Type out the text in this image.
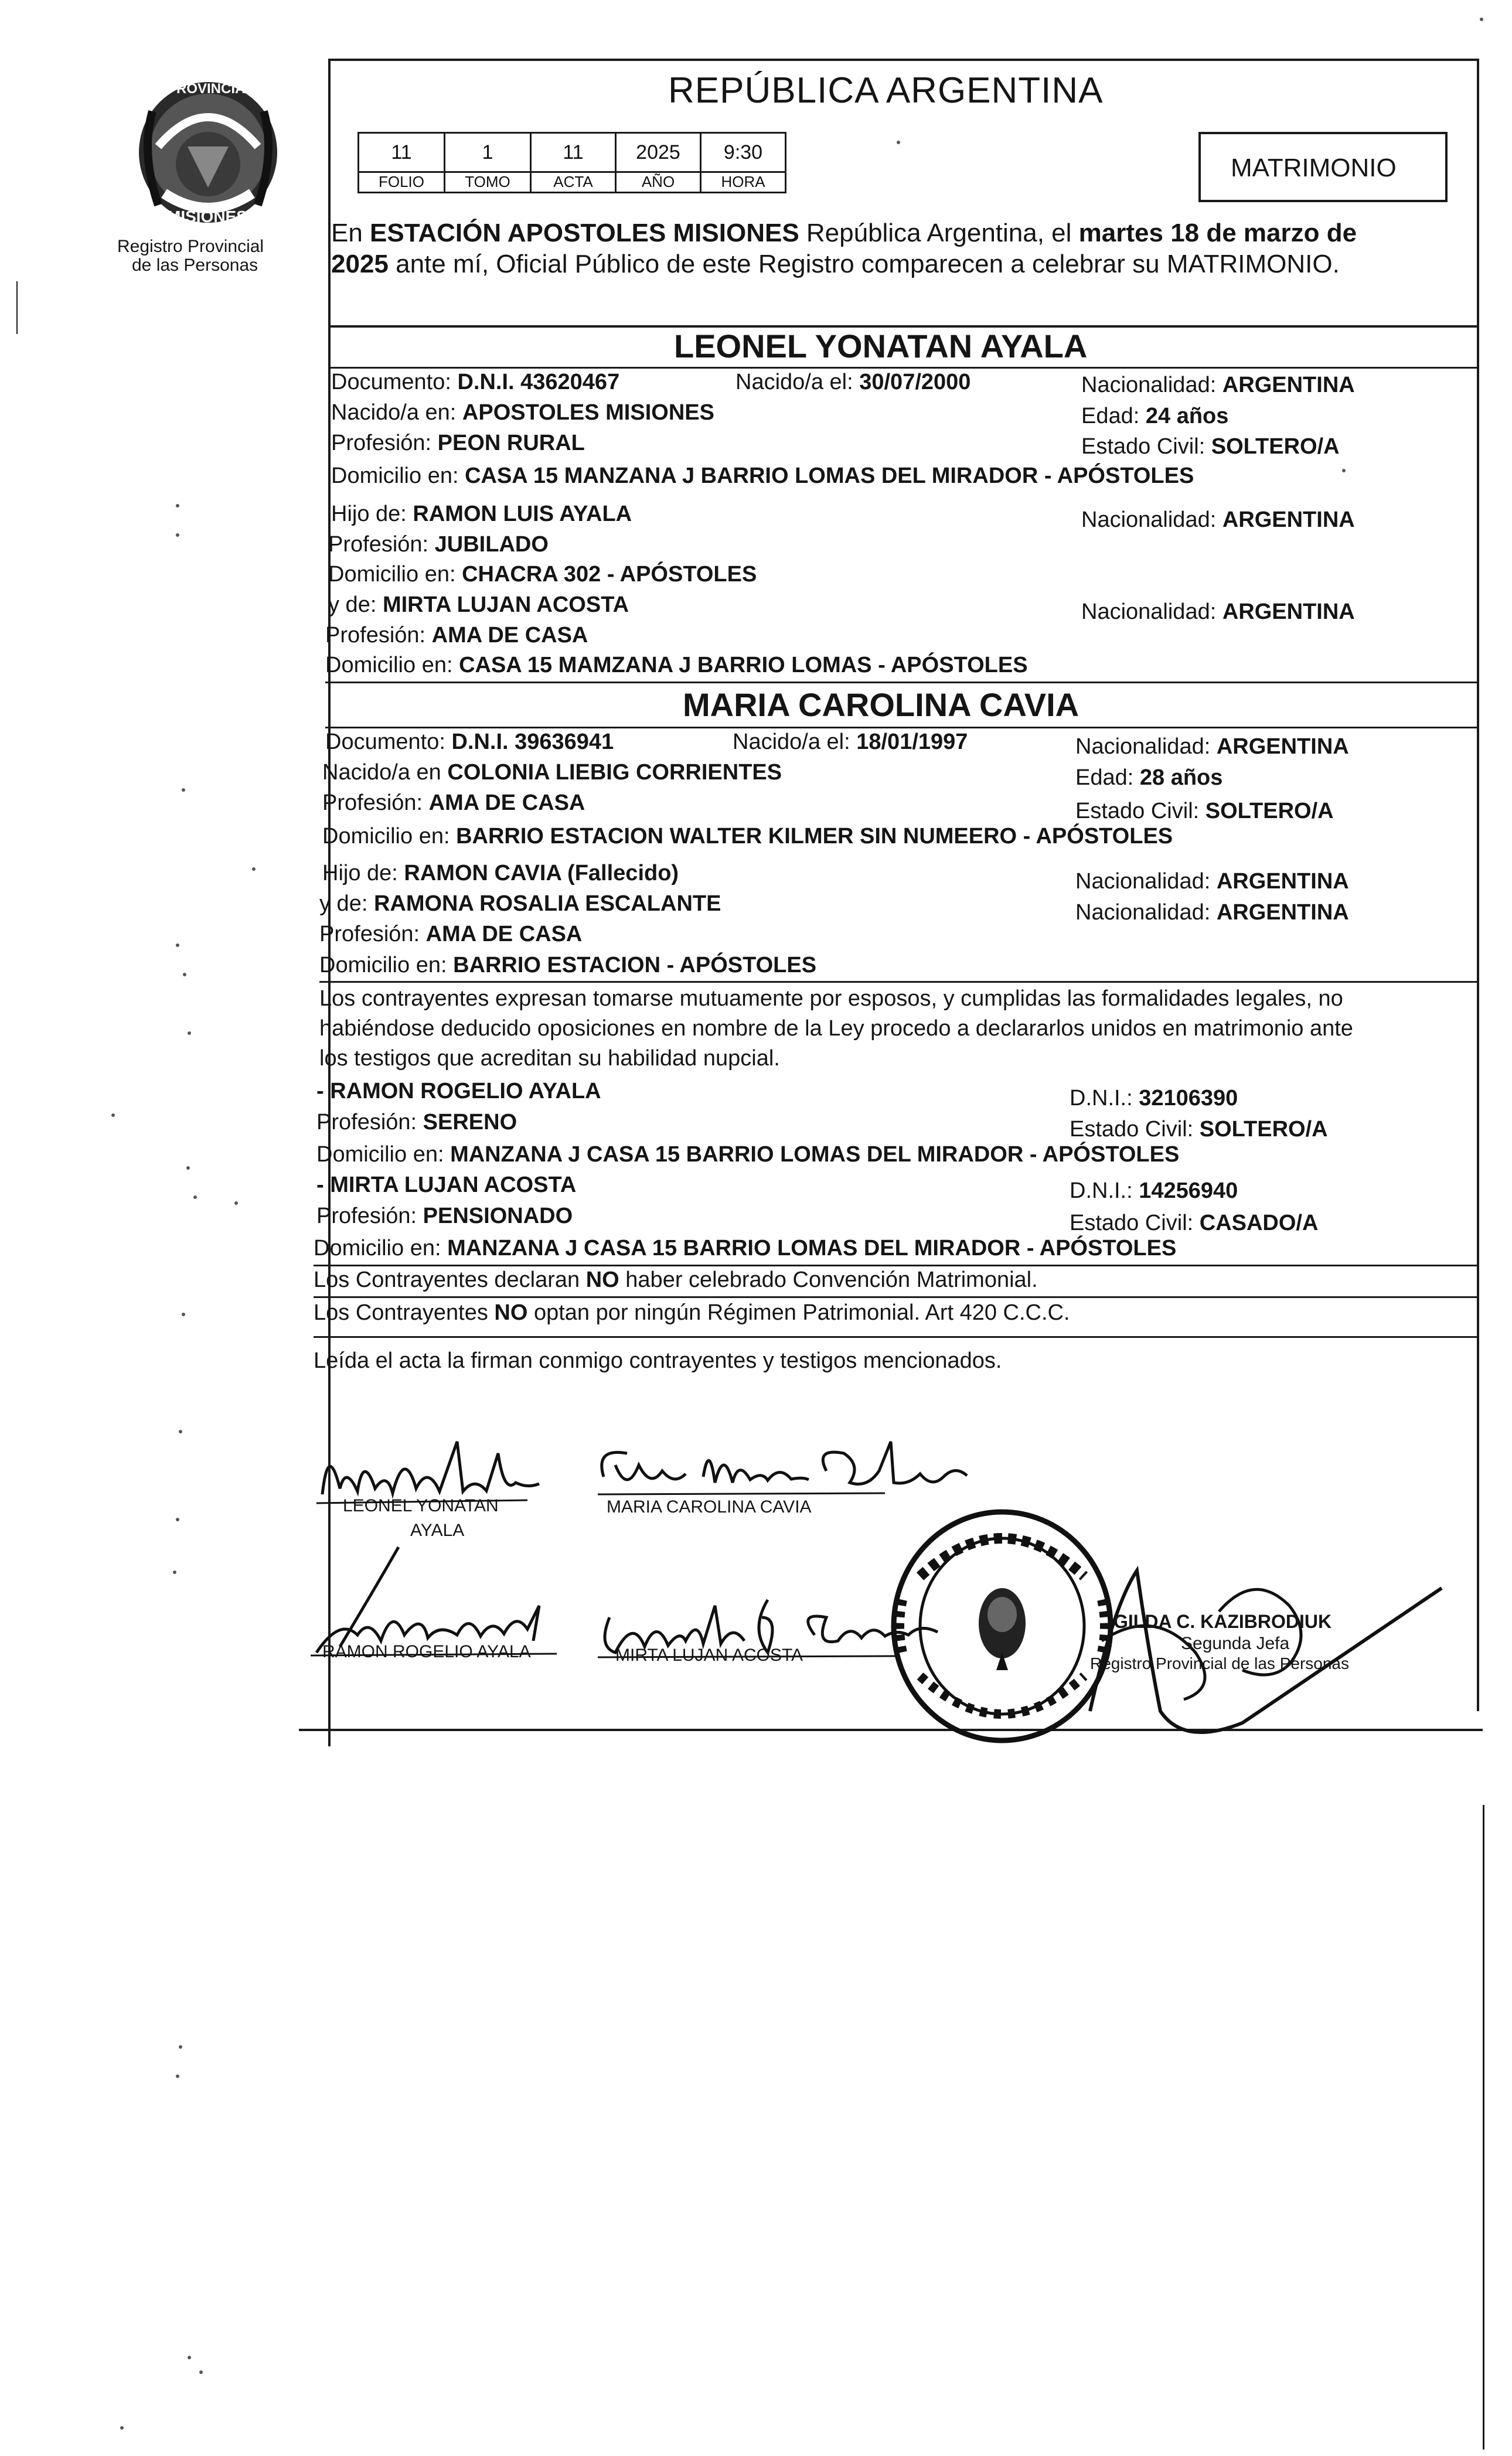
PROVINCIA DE
MISIONES
Registro Provincial
de las Personas
REPÚBLICA ARGENTINA
11	1	11	2025	9:30
FOLIO	TOMO	ACTA	AÑO	HORA	MATRIMONIO
En ESTACIÓN APOSTOLES MISIONES República Argentina, el martes 18 de marzo de
2025 ante mí, Oficial Público de este Registro comparecen a celebrar su MATRIMONIO.
LEONEL YONATAN AYALA
Documento: D.N.I. 43620467	Nacido/a el: 30/07/2000	Nacionalidad: ARGENTINA
Nacido/a en: APOSTOLES MISIONES	Edad: 24 años
Profesión: PEON RURAL	Estado Civil: SOLTERO/A
Domicilio en: CASA 15 MANZANA J BARRIO LOMAS DEL MIRADOR - APÓSTOLES
Hijo de: RAMON LUIS AYALA	Nacionalidad: ARGENTINA
Profesión: JUBILADO
Domicilio en: CHACRA 302 - APÓSTOLES
y de: MIRTA LUJAN ACOSTA	Nacionalidad: ARGENTINA
Profesión: AMA DE CASA
Domicilio en: CASA 15 MAMZANA J BARRIO LOMAS - APÓSTOLES
MARIA CAROLINA CAVIA
Documento: D.N.I. 39636941	Nacido/a el: 18/01/1997	Nacionalidad: ARGENTINA
Nacido/a en COLONIA LIEBIG CORRIENTES	Edad: 28 años
Profesión: AMA DE CASA	Estado Civil: SOLTERO/A
Domicilio en: BARRIO ESTACION WALTER KILMER SIN NUMEERO - APÓSTOLES
Hijo de: RAMON CAVIA (Fallecido)	Nacionalidad: ARGENTINA
y de: RAMONA ROSALIA ESCALANTE	Nacionalidad: ARGENTINA
Profesión: AMA DE CASA
Domicilio en: BARRIO ESTACION - APÓSTOLES
Los contrayentes expresan tomarse mutuamente por esposos, y cumplidas las formalidades legales, no
habiéndose deducido oposiciones en nombre de la Ley procedo a declararlos unidos en matrimonio ante
los testigos que acreditan su habilidad nupcial.
- RAMON ROGELIO AYALA	D.N.I.: 32106390
Profesión: SERENO	Estado Civil: SOLTERO/A
Domicilio en: MANZANA J CASA 15 BARRIO LOMAS DEL MIRADOR - APÓSTOLES
- MIRTA LUJAN ACOSTA	D.N.I.: 14256940
Profesión: PENSIONADO	Estado Civil: CASADO/A
Domicilio en: MANZANA J CASA 15 BARRIO LOMAS DEL MIRADOR - APÓSTOLES
Los Contrayentes declaran NO haber celebrado Convención Matrimonial.
Los Contrayentes NO optan por ningún Régimen Patrimonial. Art 420 C.C.C.
Leída el acta la firman conmigo contrayentes y testigos mencionados.
LEONEL YONATAN
AYALA
MARIA CAROLINA CAVIA
RAMON ROGELIO AYALA	MIRTA LUJAN ACOSTA
GILDA C. KAZIBRODIUK
Segunda Jefa
Registro Provincial de las Personas
